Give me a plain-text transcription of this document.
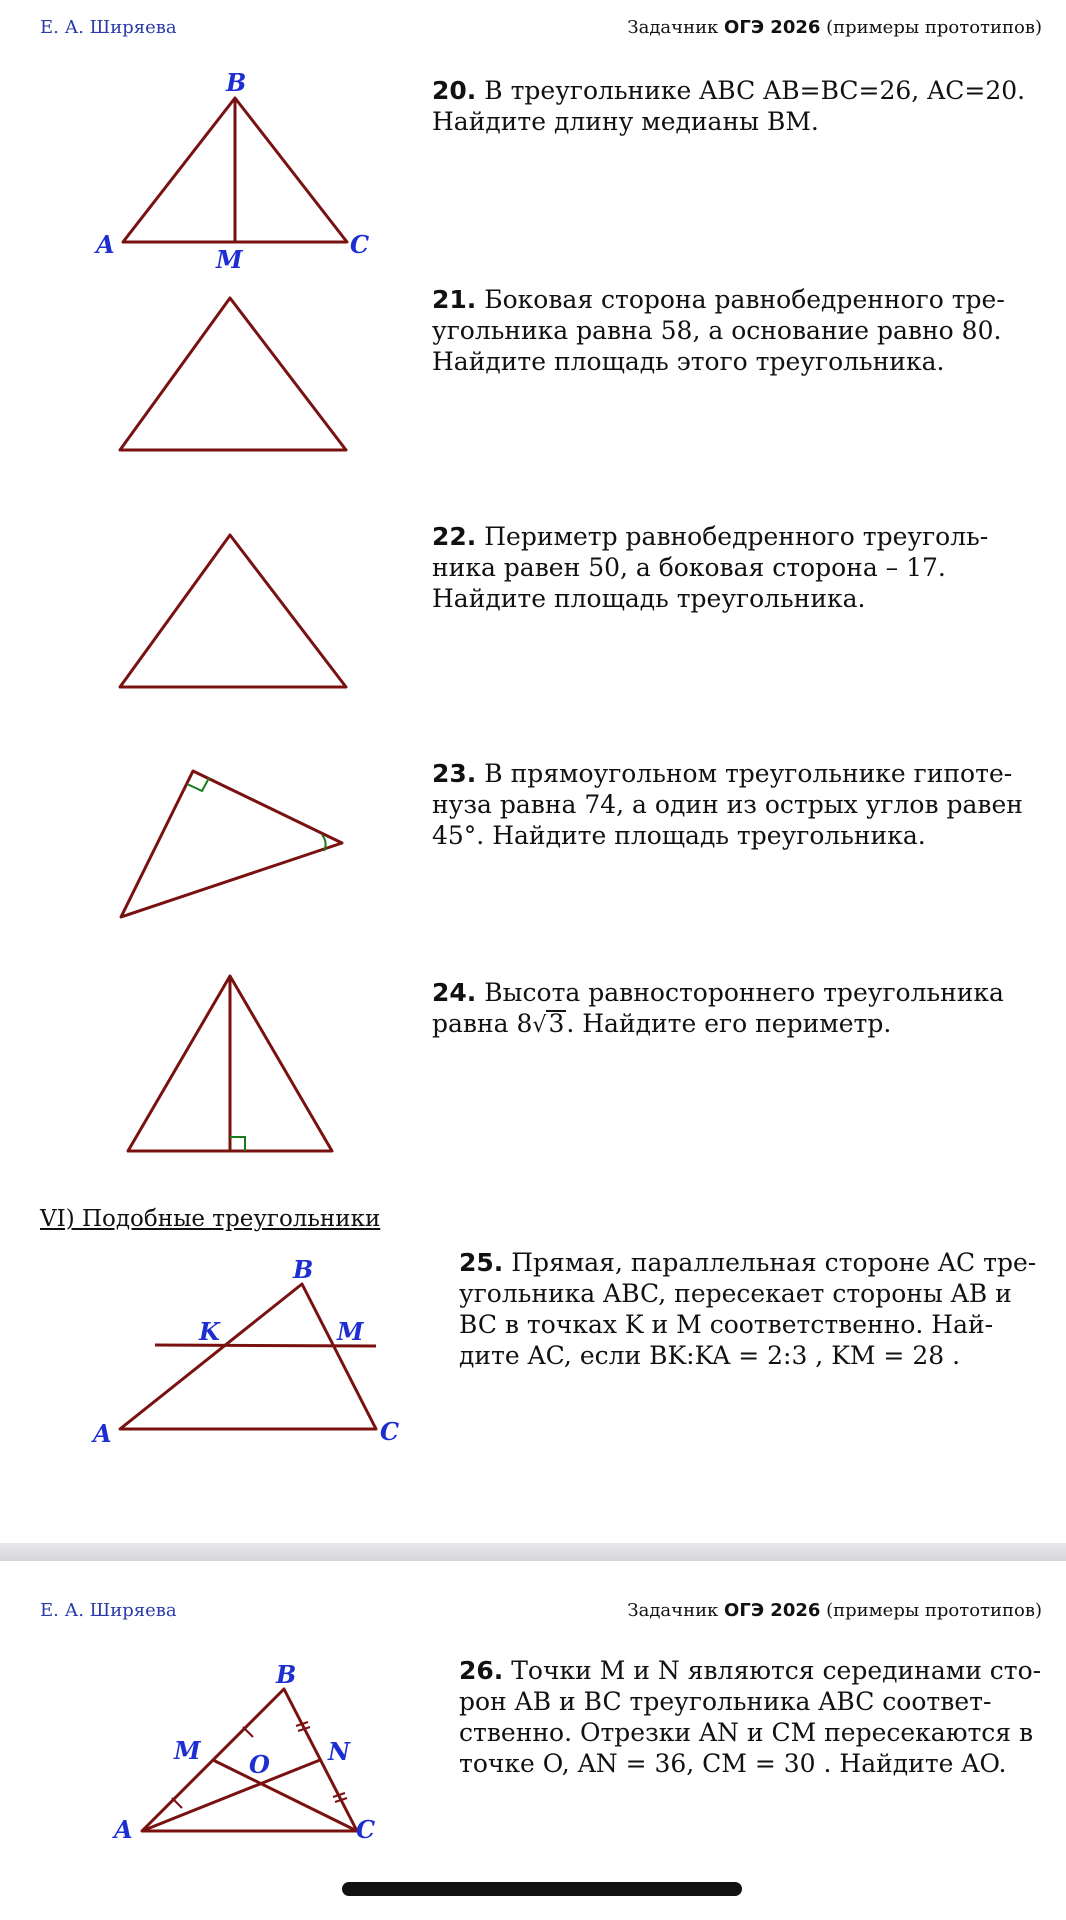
Е. А. Ширяева	Задачник ОГЭ 2026 (примеры прототипов)
B
A	C
M
B
K	M
A	C
B
M O N
A	C
20. В треугольнике ABC AB=BC=26, AC=20.
Найдите длину медианы BM.
21. Боковая сторона равнобедренного тре-
угольника равна 58, а основание равно 80.
Найдите площадь этого треугольника.
22. Периметр равнобедренного треуголь-
ника равен 50, а боковая сторона – 17.
Найдите площадь треугольника.
23. В прямоугольном треугольнике гипоте-
нуза равна 74, а один из острых углов равен
45°. Найдите площадь треугольника.
24. Высота равностороннего треугольника
равна 8√3. Найдите его периметр.
VI) Подобные треугольники
25. Прямая, параллельная стороне AC тре-
угольника ABC, пересекает стороны AB и
BC в точках K и M соответственно. Най-
дите AC, если BK:KA = 2:3 , KM = 28 .
Е. А. Ширяева	Задачник ОГЭ 2026 (примеры прототипов)
26. Точки M и N являются серединами сто-
рон AB и BC треугольника ABC соответ-
ственно. Отрезки AN и CM пересекаются в
точке O, AN = 36, CM = 30 . Найдите AO.
